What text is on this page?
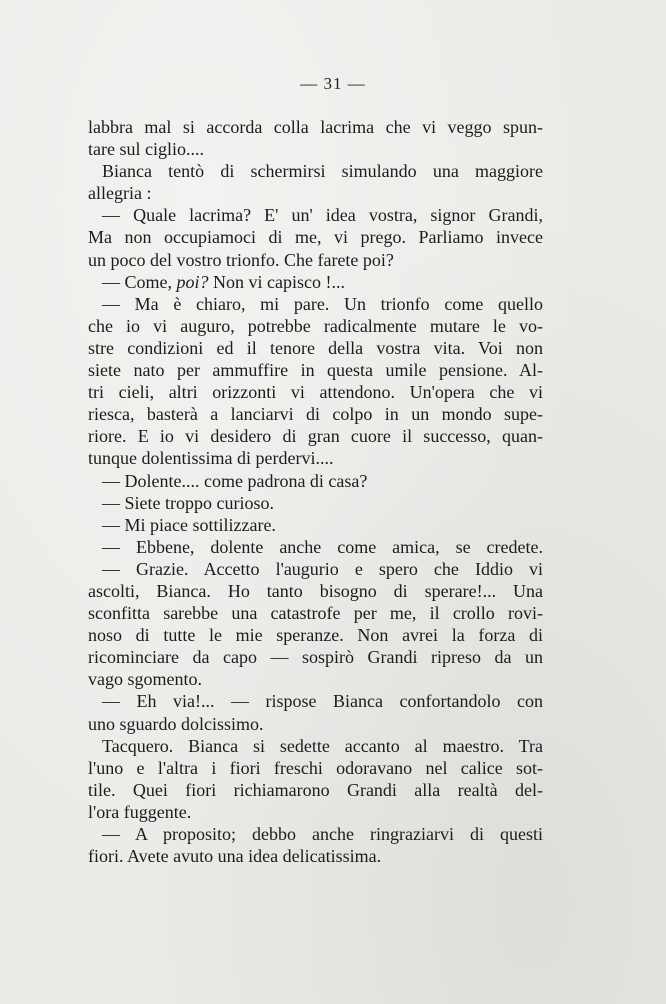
— 31 —
labbra mal si accorda colla lacrima che vi veggo spun-
tare sul ciglio....
Bianca tentò di schermirsi simulando una maggiore
allegria :
— Quale lacrima? E' un' idea vostra, signor Grandi,
Ma non occupiamoci di me, vi prego. Parliamo invece
un poco del vostro trionfo. Che farete poi?
— Come, poi? Non vi capisco !...
— Ma è chiaro, mi pare. Un trionfo come quello
che io vi auguro, potrebbe radicalmente mutare le vo-
stre condizioni ed il tenore della vostra vita. Voi non
siete nato per ammuffire in questa umile pensione. Al-
tri cieli, altri orizzonti vi attendono. Un'opera che vi
riesca, basterà a lanciarvi di colpo in un mondo supe-
riore. E io vi desidero di gran cuore il successo, quan-
tunque dolentissima di perdervi....
— Dolente.... come padrona di casa?
— Siete troppo curioso.
— Mi piace sottilizzare.
— Ebbene, dolente anche come amica, se credete.
— Grazie. Accetto l'augurio e spero che Iddio vi
ascolti, Bianca. Ho tanto bisogno di sperare!... Una
sconfitta sarebbe una catastrofe per me, il crollo rovi-
noso di tutte le mie speranze. Non avrei la forza di
ricominciare da capo — sospirò Grandi ripreso da un
vago sgomento.
— Eh via!... — rispose Bianca confortandolo con
uno sguardo dolcissimo.
Tacquero. Bianca si sedette accanto al maestro. Tra
l'uno e l'altra i fiori freschi odoravano nel calice sot-
tile. Quei fiori richiamarono Grandi alla realtà del-
l'ora fuggente.
— A proposito; debbo anche ringraziarvi di questi
fiori. Avete avuto una idea delicatissima.
